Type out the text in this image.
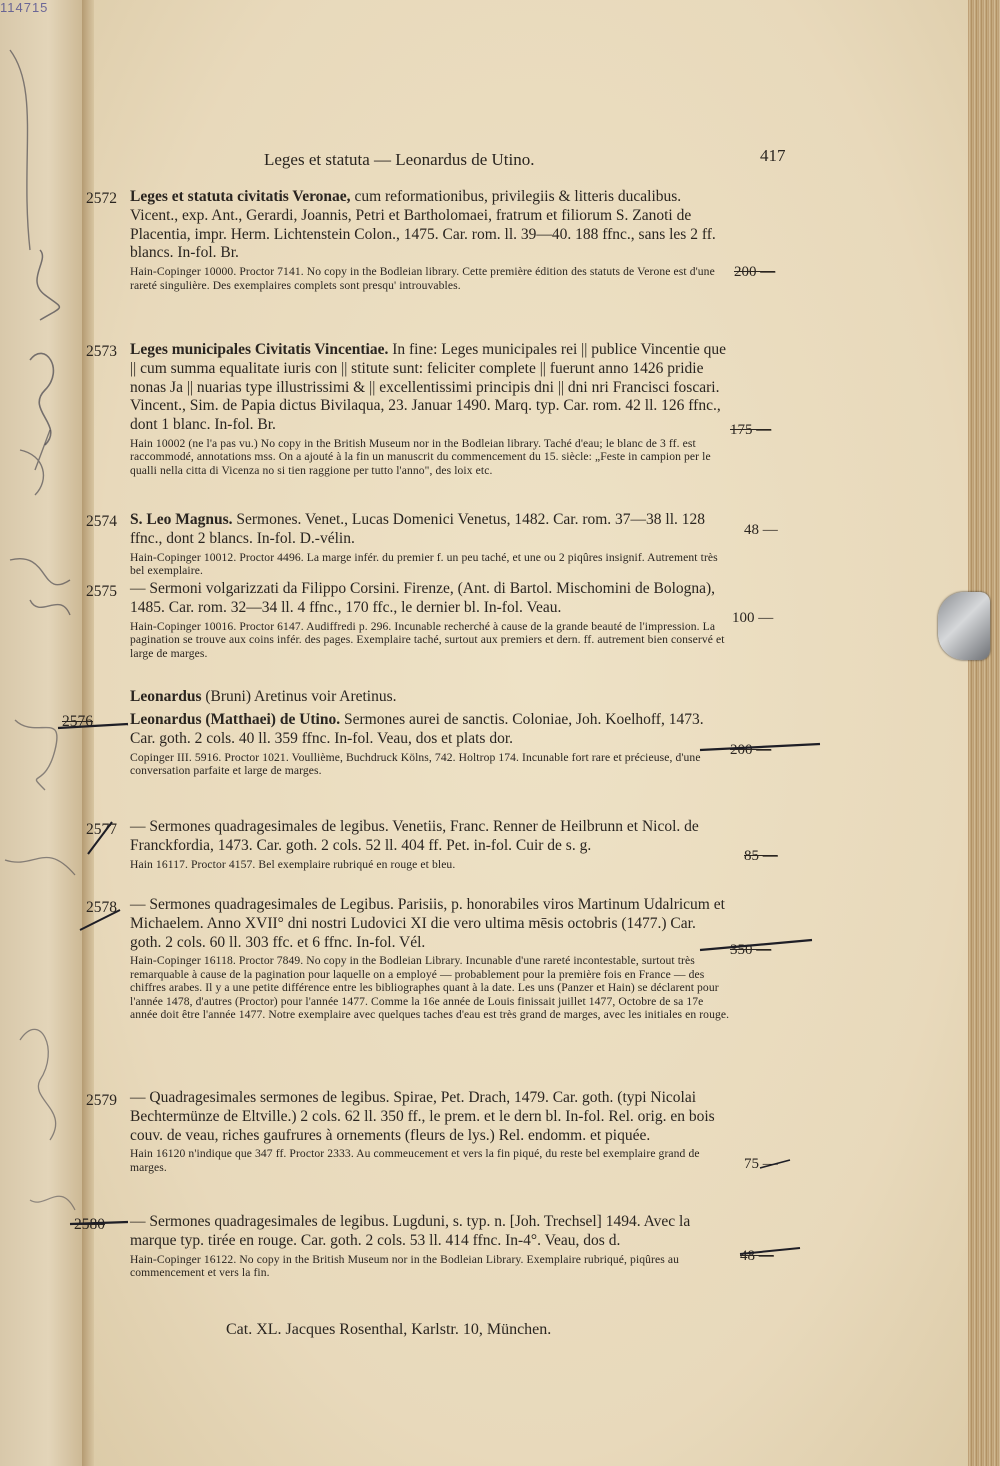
114715
Leges et statuta — Leonardus de Utino.	417
2572
200 —

Leges et statuta civitatis Veronae, cum reformationibus, privilegiis & litteris ducalibus. Vicent., exp. Ant., Gerardi, Joannis, Petri et Bartholomaei, fratrum et filiorum S. Zanoti de Placentia, impr. Herm. Lichtenstein Colon., 1475. Car. rom. ll. 39—40. 188 ffnc., sans les 2 ff. blancs. In-fol. Br.

Hain-Copinger 10000. Proctor 7141. No copy in the Bodleian library. Cette première édition des statuts de Verone est d'une rareté singulière. Des exemplaires complets sont presqu' introuvables.

2573
175 —

Leges municipales Civitatis Vincentiae. In fine: Leges municipales rei || publice Vincentie que || cum summa equalitate iuris con || stitute sunt: feliciter complete || fuerunt anno 1426 pridie nonas Ja || nuarias type illustrissimi & || excellentissimi principis dni || dni nri Francisci foscari. Vincent., Sim. de Papia dictus Bivilaqua, 23. Januar 1490. Marq. typ. Car. rom. 42 ll. 126 ffnc., dont 1 blanc. In-fol. Br.

Hain 10002 (ne l'a pas vu.) No copy in the British Museum nor in the Bodleian library. Taché d'eau; le blanc de 3 ff. est raccommodé, annotations mss. On a ajouté à la fin un manuscrit du commencement du 15. siècle: „Feste in campion per le qualli nella citta di Vicenza no si tien raggione per tutto l'anno", des loix etc.

2574	48 —

S. Leo Magnus. Sermones. Venet., Lucas Domenici Venetus, 1482. Car. rom. 37—38 ll. 128 ffnc., dont 2 blancs. In-fol. D.-vélin.

Hain-Copinger 10012. Proctor 4496. La marge infér. du premier f. un peu taché, et une ou 2 piqûres insignif. Autrement très bel exemplaire.

2575
100 —

— Sermoni volgarizzati da Filippo Corsini. Firenze, (Ant. di Bartol. Mischomini de Bologna), 1485. Car. rom. 32—34 ll. 4 ffnc., 170 ffc., le dernier bl. In-fol. Veau.

Hain-Copinger 10016. Proctor 6147. Audiffredi p. 296. Incunable recherché à cause de la grande beauté de l'impression. La pagination se trouve aux coins infér. des pages. Exemplaire taché, surtout aux premiers et dern. ff. autrement bien conservé et large de marges.

Leonardus (Bruni) Aretinus voir Aretinus.
2576
200 —

Leonardus (Matthaei) de Utino. Sermones aurei de sanctis. Coloniae, Joh. Koelhoff, 1473. Car. goth. 2 cols. 40 ll. 359 ffnc. In-fol. Veau, dos et plats dor.

Copinger III. 5916. Proctor 1021. Voullième, Buchdruck Kölns, 742. Holtrop 174. Incunable fort rare et précieuse, d'une conversation parfaite et large de marges.

2577
85 —

— Sermones quadragesimales de legibus. Venetiis, Franc. Renner de Heilbrunn et Nicol. de Franckfordia, 1473. Car. goth. 2 cols. 52 ll. 404 ff. Pet. in-fol. Cuir de s. g.

Hain 16117. Proctor 4157. Bel exemplaire rubriqué en rouge et bleu.

2578
350 —

— Sermones quadragesimales de Legibus. Parisiis, p. honorabiles viros Martinum Udalricum et Michaelem. Anno XVII° dni nostri Ludovici XI die vero ultima mēsis octobris (1477.) Car. goth. 2 cols. 60 ll. 303 ffc. et 6 ffnc. In-fol. Vél.

Hain-Copinger 16118. Proctor 7849. No copy in the Bodleian Library. Incunable d'une rareté incontestable, surtout très remarquable à cause de la pagination pour laquelle on a employé — probablement pour la première fois en France — des chiffres arabes. Il y a une petite différence entre les bibliographes quant à la date. Les uns (Panzer et Hain) se déclarent pour l'année 1478, d'autres (Proctor) pour l'année 1477. Comme la 16e année de Louis finissait juillet 1477, Octobre de sa 17e année doit être l'année 1477. Notre exemplaire avec quelques taches d'eau est très grand de marges, avec les initiales en rouge.

2579
75 —

— Quadragesimales sermones de legibus. Spirae, Pet. Drach, 1479. Car. goth. (typi Nicolai Bechtermünze de Eltville.) 2 cols. 62 ll. 350 ff., le prem. et le dern bl. In-fol. Rel. orig. en bois couv. de veau, riches gaufrures à ornements (fleurs de lys.) Rel. endomm. et piquée.

Hain 16120 n'indique que 347 ff. Proctor 2333. Au commeucement et vers la fin piqué, du reste bel exemplaire grand de marges.

2580
48 —

— Sermones quadragesimales de legibus. Lugduni, s. typ. n. [Joh. Trechsel] 1494. Avec la marque typ. tirée en rouge. Car. goth. 2 cols. 53 ll. 414 ffnc. In-4°. Veau, dos d.

Hain-Copinger 16122. No copy in the British Museum nor in the Bodleian Library. Exemplaire rubriqué, piqûres au commencement et vers la fin.

Cat. XL. Jacques Rosenthal, Karlstr. 10, München.
